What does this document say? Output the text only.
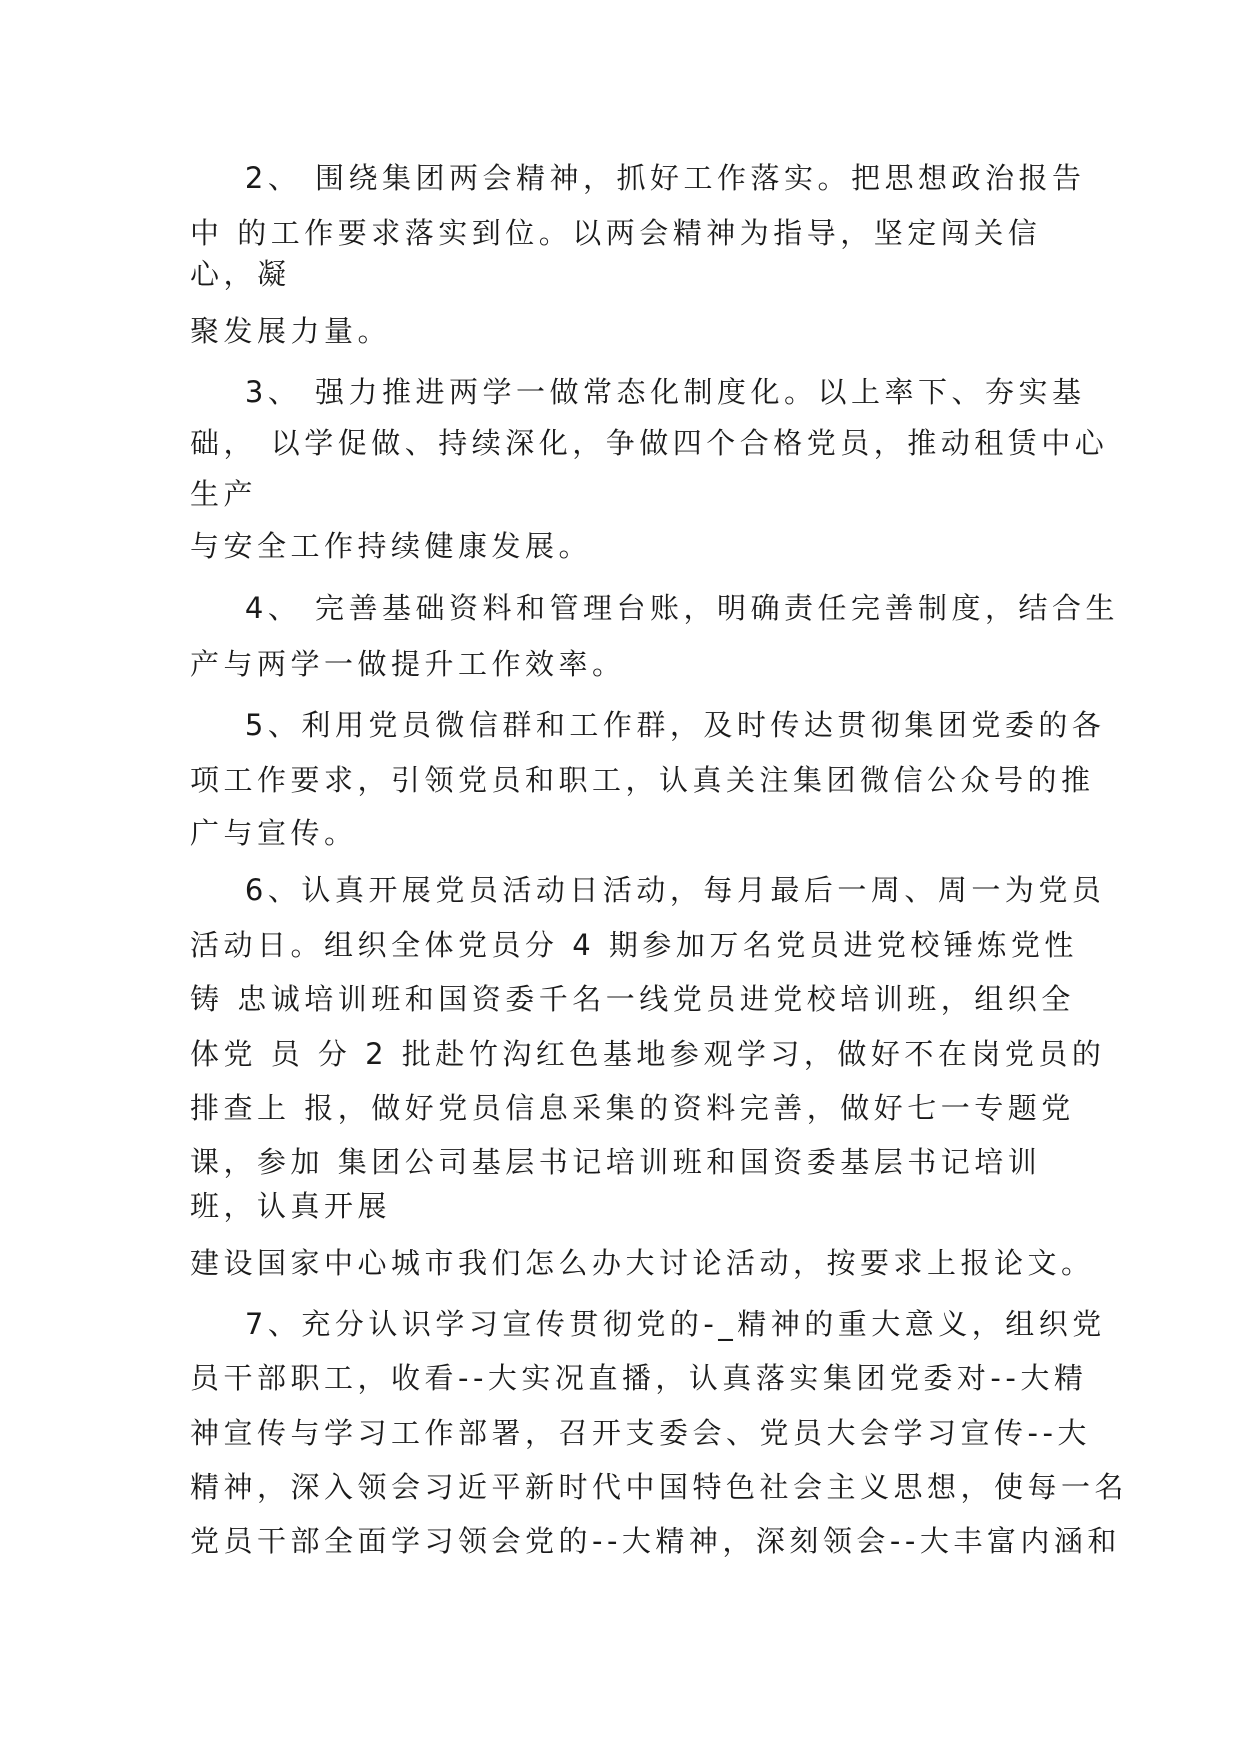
2、 围绕集团两会精神，抓好工作落实。把思想政治报告
中 的工作要求落实到位。以两会精神为指导，坚定闯关信
心，凝
聚发展力量。
3、 强力推进两学一做常态化制度化。以上率下、夯实基
础， 以学促做、持续深化，争做四个合格党员，推动租赁中心
生产
与安全工作持续健康发展。
4、 完善基础资料和管理台账，明确责任完善制度，结合生
产与两学一做提升工作效率。
5、利用党员微信群和工作群，及时传达贯彻集团党委的各
项工作要求，引领党员和职工，认真关注集团微信公众号的推
广与宣传。
6、认真开展党员活动日活动，每月最后一周、周一为党员
活动日。组织全体党员分 4 期参加万名党员进党校锤炼党性
铸 忠诚培训班和国资委千名一线党员进党校培训班，组织全
体党 员 分 2 批赴竹沟红色基地参观学习，做好不在岗党员的
排查上 报，做好党员信息采集的资料完善，做好七一专题党
课，参加 集团公司基层书记培训班和国资委基层书记培训
班，认真开展
建设国家中心城市我们怎么办大讨论活动，按要求上报论文。
7、充分认识学习宣传贯彻党的-_精神的重大意义，组织党
员干部职工，收看--大实况直播，认真落实集团党委对--大精
神宣传与学习工作部署，召开支委会、党员大会学习宣传--大
精神，深入领会习近平新时代中国特色社会主义思想，使每一名
党员干部全面学习领会党的--大精神，深刻领会--大丰富内涵和
